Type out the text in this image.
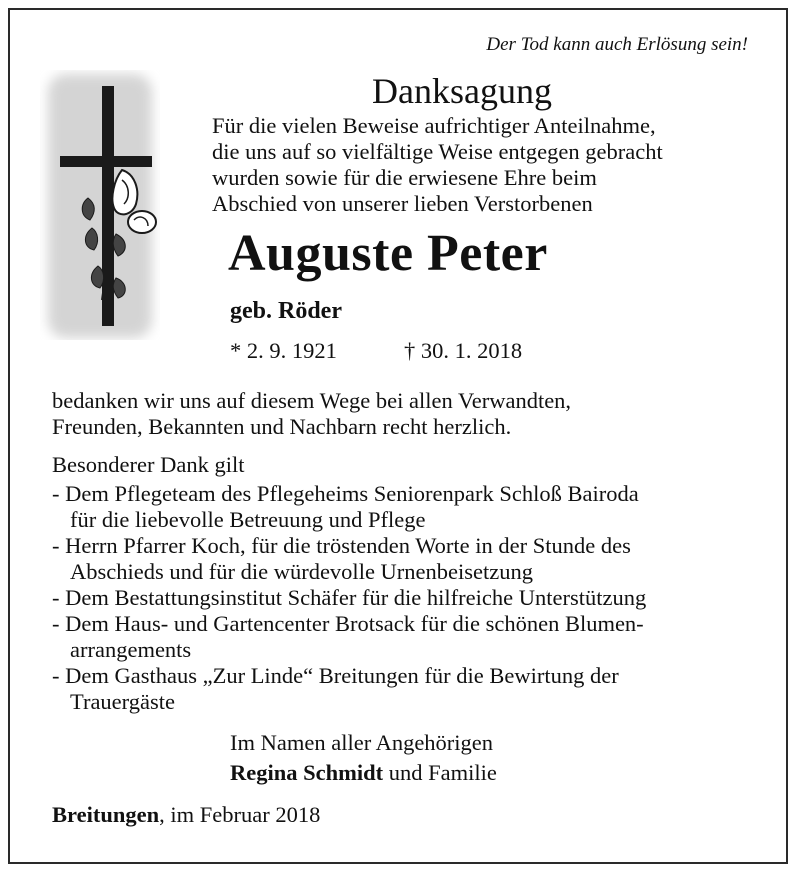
Der Tod kann auch Erlösung sein!
Danksagung
Für die vielen Beweise aufrichtiger Anteilnahme,
die uns auf so vielfältige Weise entgegen gebracht
wurden sowie für die erwiesene Ehre beim
Abschied von unserer lieben Verstorbenen
Auguste Peter
geb. Röder
* 2. 9. 1921	† 30. 1. 2018
bedanken wir uns auf diesem Wege bei allen Verwandten,
Freunden, Bekannten und Nachbarn recht herzlich.
Besonderer Dank gilt
- Dem Pflegeteam des Pflegeheims Seniorenpark Schloß Bairoda
für die liebevolle Betreuung und Pflege
- Herrn Pfarrer Koch, für die tröstenden Worte in der Stunde des
Abschieds und für die würdevolle Urnenbeisetzung
- Dem Bestattungsinstitut Schäfer für die hilfreiche Unterstützung
- Dem Haus- und Gartencenter Brotsack für die schönen Blumen-
arrangements
- Dem Gasthaus „Zur Linde“ Breitungen für die Bewirtung der
Trauergäste
Im Namen aller Angehörigen
Regina Schmidt und Familie
Breitungen, im Februar 2018
